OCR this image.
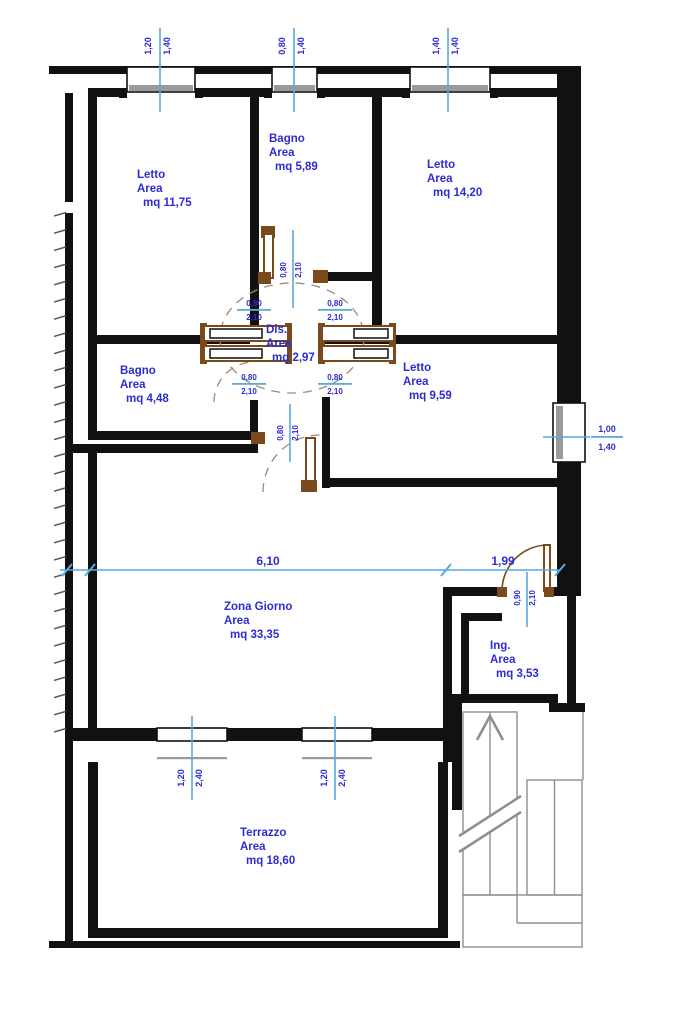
1,20 1,40	0,80 1,40	1,40 1,40
1,00
1,40
6,10	1,99
0,80
2,10
0,80
2,10
0,80
2,10
0,80
2,10
0,80 2,10
0,80 2,10
0,90 2,10
1,20 2,40	1,20 2,40
Letto
Area
mq 11,75
Bagno
Area
mq 5,89	Letto
Area
mq 14,20
Bagno
Area
mq 4,48
Dis.
Area
mq 2,97
Letto
Area
mq 9,59
Zona Giorno
Area
mq 33,35
Ing.
Area
mq 3,53
Terrazzo
Area
mq 18,60
